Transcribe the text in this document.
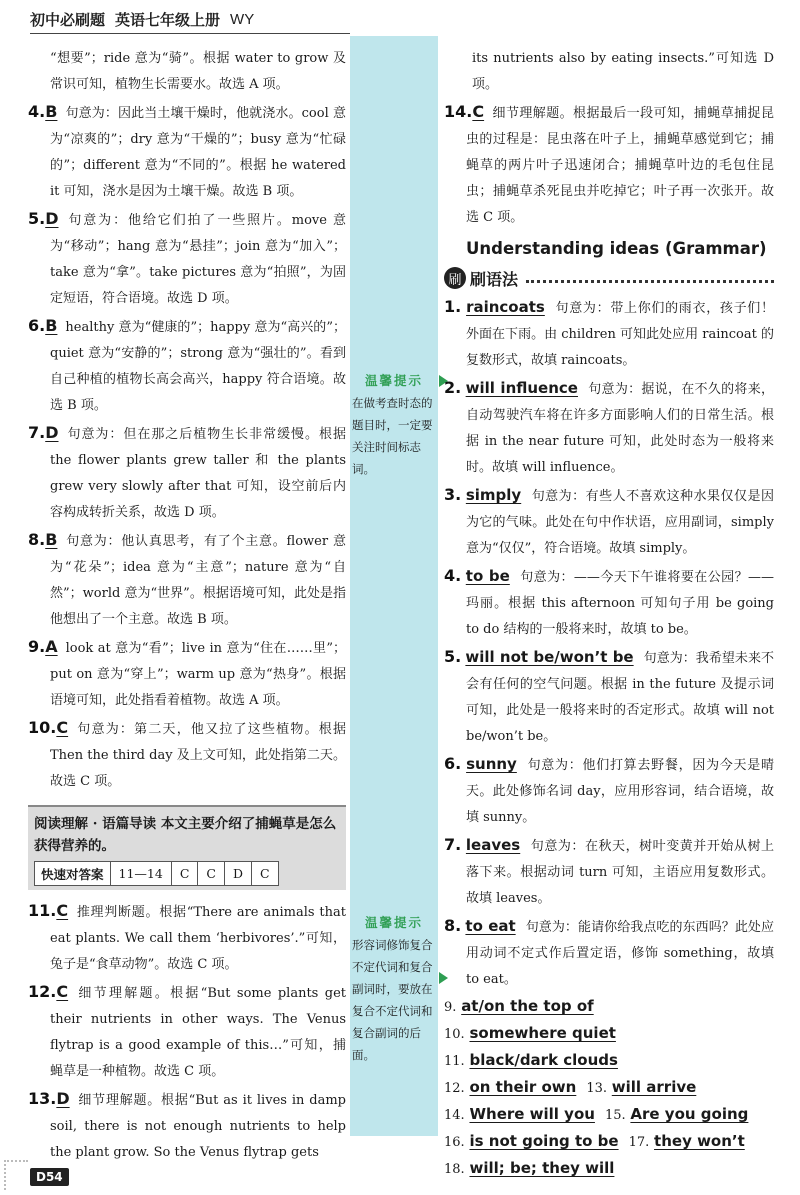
初中必刷题 英语七年级上册 WY
“想要”；ride 意为“骑”。根据 water to grow 及常识可知，植物生长需要水。故选 A 项。
4.B 句意为：因此当土壤干燥时，他就浇水。cool 意为“凉爽的”；dry 意为“干燥的”；busy 意为“忙碌的”；different 意为“不同的”。根据 he watered it 可知，浇水是因为土壤干燥。故选 B 项。
5.D 句意为：他给它们拍了一些照片。move 意为“移动”；hang 意为“悬挂”；join 意为“加入”；take 意为“拿”。take pictures 意为“拍照”，为固定短语，符合语境。故选 D 项。
6.B healthy 意为“健康的”；happy 意为“高兴的”；quiet 意为“安静的”；strong 意为“强壮的”。看到自己种植的植物长高会高兴，happy 符合语境。故选 B 项。
7.D 句意为：但在那之后植物生长非常缓慢。根据 the flower plants grew taller 和 the plants grew very slowly after that 可知，设空前后内容构成转折关系，故选 D 项。
8.B 句意为：他认真思考，有了个主意。flower 意为“花朵”；idea 意为“主意”；nature 意为“自然”；world 意为“世界”。根据语境可知，此处是指他想出了一个主意。故选 B 项。
9.A look at 意为“看”；live in 意为“住在……里”；put on 意为“穿上”；warm up 意为“热身”。根据语境可知，此处指看着植物。故选 A 项。
10.C 句意为：第二天，他又拉了这些植物。根据 Then the third day 及上文可知，此处指第二天。故选 C 项。
阅读理解 · 语篇导读 本文主要介绍了捕蝇草是怎么获得营养的。
快速对答案	11—14	C	C	D	C
11.C 推理判断题。根据“There are animals that eat plants. We call them ‘herbivores’.”可知，兔子是“食草动物”。故选 C 项。
12.C 细节理解题。根据“But some plants get their nutrients in other ways. The Venus flytrap is a good example of this…”可知，捕蝇草是一种植物。故选 C 项。
13.D 细节理解题。根据“But as it lives in damp soil, there is not enough nutrients to help the plant grow. So the Venus flytrap gets
温馨提示
在做考查时态的题目时，一定要关注时间标志词。
温馨提示
形容词修饰复合不定代词和复合副词时，要放在复合不定代词和复合副词的后面。
its nutrients also by eating insects.”可知选 D 项。
14.C 细节理解题。根据最后一段可知，捕蝇草捕捉昆虫的过程是：昆虫落在叶子上，捕蝇草感觉到它；捕蝇草的两片叶子迅速闭合；捕蝇草叶边的毛包住昆虫；捕蝇草杀死昆虫并吃掉它；叶子再一次张开。故选 C 项。
Understanding ideas (Grammar)
刷 刷语法
1. raincoats 句意为：带上你们的雨衣，孩子们！外面在下雨。由 children 可知此处应用 raincoat 的复数形式，故填 raincoats。
2. will influence 句意为：据说，在不久的将来，自动驾驶汽车将在许多方面影响人们的日常生活。根据 in the near future 可知，此处时态为一般将来时。故填 will influence。
3. simply 句意为：有些人不喜欢这种水果仅仅是因为它的气味。此处在句中作状语，应用副词，simply 意为“仅仅”，符合语境。故填 simply。
4. to be 句意为：——今天下午谁将要在公园？——玛丽。根据 this afternoon 可知句子用 be going to do 结构的一般将来时，故填 to be。
5. will not be/won’t be 句意为：我希望未来不会有任何的空气问题。根据 in the future 及提示词可知，此处是一般将来时的否定形式。故填 will not be/won’t be。
6. sunny 句意为：他们打算去野餐，因为今天是晴天。此处修饰名词 day，应用形容词，结合语境，故填 sunny。
7. leaves 句意为：在秋天，树叶变黄并开始从树上落下来。根据动词 turn 可知，主语应用复数形式。故填 leaves。
8. to eat 句意为：能请你给我点吃的东西吗？此处应用动词不定式作后置定语，修饰 something，故填 to eat。
9. at/on the top of
10. somewhere quiet
11. black/dark clouds
12. on their own 13. will arrive
14. Where will you 15. Are you going
16. is not going to be 17. they won’t
18. will; be; they will
D54
